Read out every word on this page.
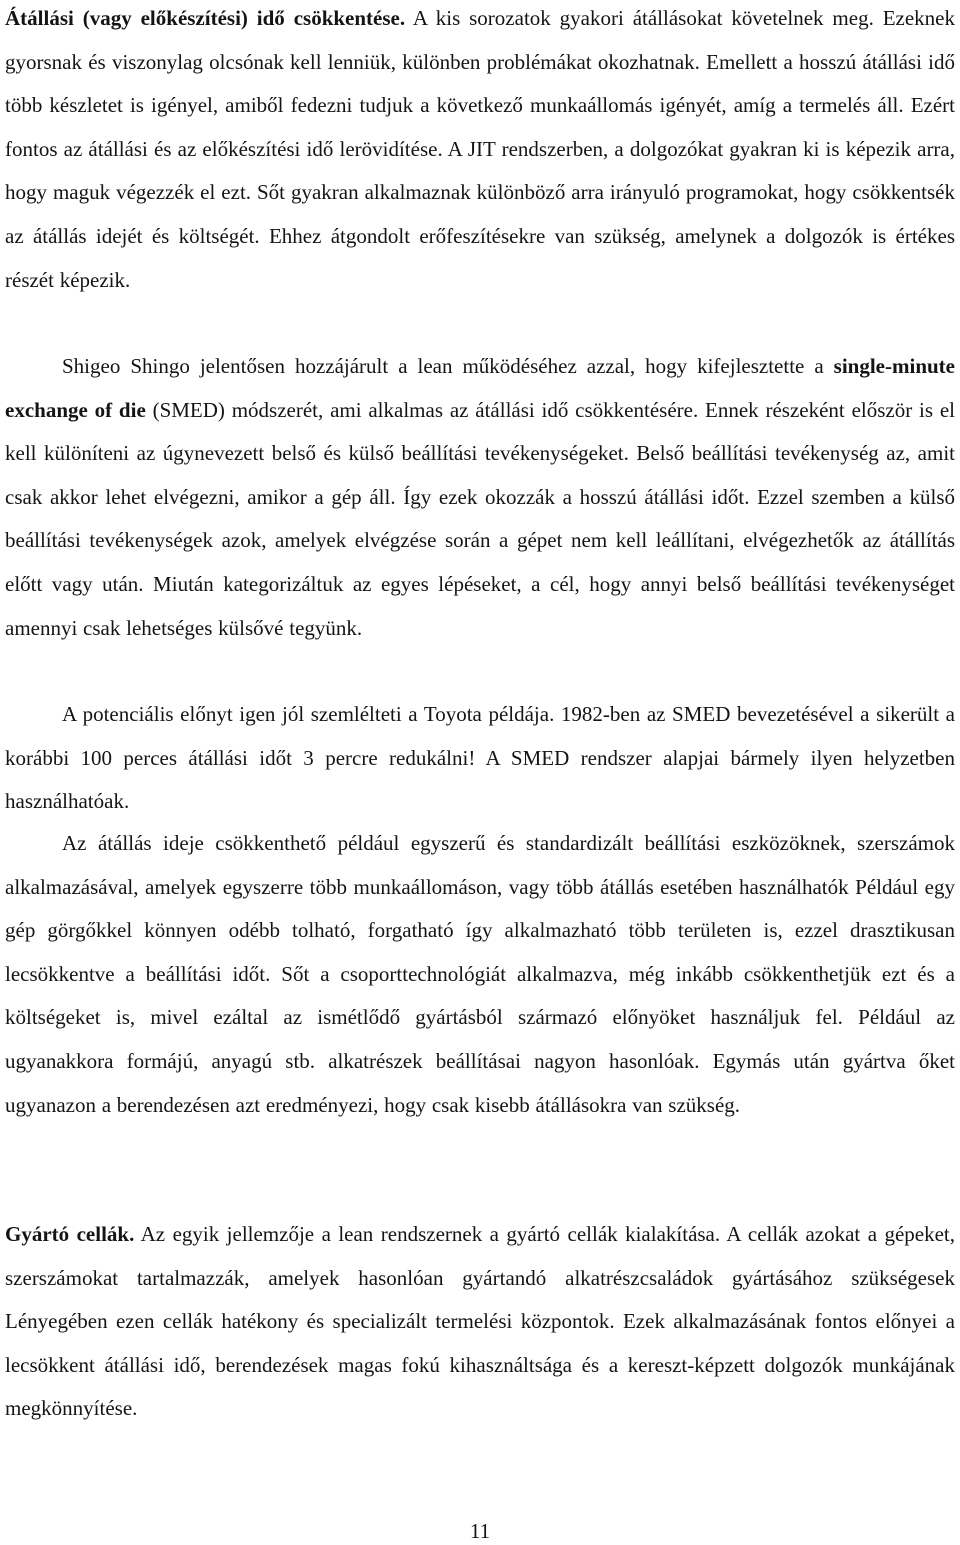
Átállási (vagy előkészítési) idő csökkentése. A kis sorozatok gyakori átállásokat követelnek meg. Ezeknek gyorsnak és viszonylag olcsónak kell lenniük, különben problémákat okozhatnak. Emellett a hosszú átállási idő több készletet is igényel, amiből fedezni tudjuk a következő munkaállomás igényét, amíg a termelés áll. Ezért fontos az átállási és az előkészítési idő lerövidítése. A JIT rendszerben, a dolgozókat gyakran ki is képezik arra, hogy maguk végezzék el ezt. Sőt gyakran alkalmaznak különböző arra irányuló programokat, hogy csökkentsék az átállás idejét és költségét. Ehhez átgondolt erőfeszítésekre van szükség, amelynek a dolgozók is értékes részét képezik.

Shigeo Shingo jelentősen hozzájárult a lean működéséhez azzal, hogy kifejlesztette a single-minute exchange of die (SMED) módszerét, ami alkalmas az átállási idő csökkentésére. Ennek részeként először is el kell különíteni az úgynevezett belső és külső beállítási tevékenységeket. Belső beállítási tevékenység az, amit csak akkor lehet elvégezni, amikor a gép áll. Így ezek okozzák a hosszú átállási időt. Ezzel szemben a külső beállítási tevékenységek azok, amelyek elvégzése során a gépet nem kell leállítani, elvégezhetők az átállítás előtt vagy után. Miután kategorizáltuk az egyes lépéseket, a cél, hogy annyi belső beállítási tevékenységet amennyi csak lehetséges külsővé tegyünk.

A potenciális előnyt igen jól szemlélteti a Toyota példája. 1982-ben az SMED bevezetésével a sikerült a korábbi 100 perces átállási időt 3 percre redukálni! A SMED rendszer alapjai bármely ilyen helyzetben használhatóak.

Az átállás ideje csökkenthető például egyszerű és standardizált beállítási eszközöknek, szerszámok alkalmazásával, amelyek egyszerre több munkaállomáson, vagy több átállás esetében használhatók Például egy gép görgőkkel könnyen odébb tolható, forgatható így alkalmazható több területen is, ezzel drasztikusan lecsökkentve a beállítási időt. Sőt a csoporttechnológiát alkalmazva, még inkább csökkenthetjük ezt és a költségeket is, mivel ezáltal az ismétlődő gyártásból származó előnyöket használjuk fel. Például az ugyanakkora formájú, anyagú stb. alkatrészek beállításai nagyon hasonlóak. Egymás után gyártva őket ugyanazon a berendezésen azt eredményezi, hogy csak kisebb átállásokra van szükség.

Gyártó cellák. Az egyik jellemzője a lean rendszernek a gyártó cellák kialakítása. A cellák azokat a gépeket, szerszámokat tartalmazzák, amelyek hasonlóan gyártandó alkatrészcsaládok gyártásához szükségesek Lényegében ezen cellák hatékony és specializált termelési központok. Ezek alkalmazásának fontos előnyei a lecsökkent átállási idő, berendezések magas fokú kihasználtsága és a kereszt-képzett dolgozók munkájának megkönnyítése.

11
